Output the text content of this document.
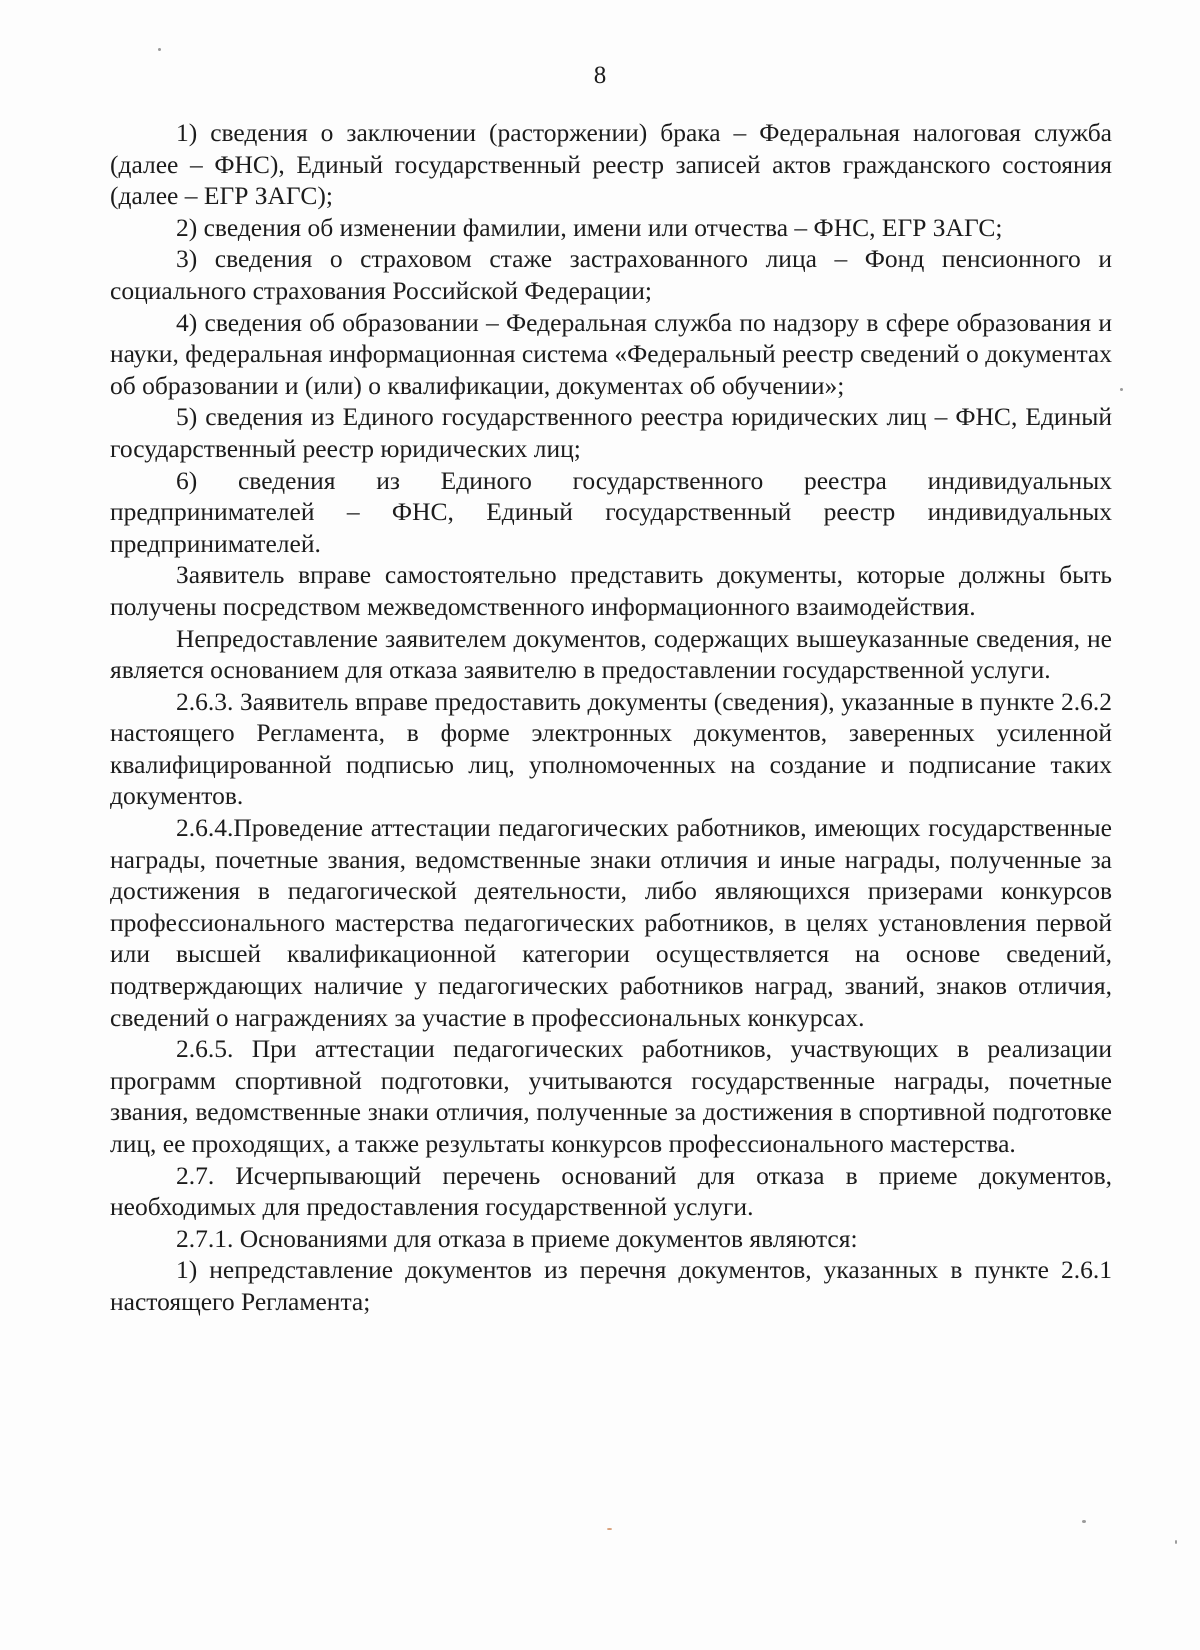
8

1) сведения о заключении (расторжении) брака – Федеральная налоговая служба (далее – ФНС), Единый государственный реестр записей актов гражданского состояния (далее – ЕГР ЗАГС);

2) сведения об изменении фамилии, имени или отчества – ФНС, ЕГР ЗАГС;

3) сведения о страховом стаже застрахованного лица – Фонд пенсионного и социального страхования Российской Федерации;

4) сведения об образовании – Федеральная служба по надзору в сфере образования и науки, федеральная информационная система «Федеральный реестр сведений о документах об образовании и (или) о квалификации, документах об обучении»;

5) сведения из Единого государственного реестра юридических лиц – ФНС, Единый государственный реестр юридических лиц;

6) сведения из Единого государственного реестра индивидуальных предпринимателей – ФНС, Единый государственный реестр индивидуальных предпринимателей.

Заявитель вправе самостоятельно представить документы, которые должны быть получены посредством межведомственного информационного взаимодействия.

Непредоставление заявителем документов, содержащих вышеуказанные сведения, не является основанием для отказа заявителю в предоставлении государственной услуги.

2.6.3. Заявитель вправе предоставить документы (сведения), указанные в пункте 2.6.2 настоящего Регламента, в форме электронных документов, заверенных усиленной квалифицированной подписью лиц, уполномоченных на создание и подписание таких документов.

2.6.4.Проведение аттестации педагогических работников, имеющих государственные награды, почетные звания, ведомственные знаки отличия и иные награды, полученные за достижения в педагогической деятельности, либо являющихся призерами конкурсов профессионального мастерства педагогических работников, в целях установления первой или высшей квалификационной категории осуществляется на основе сведений, подтверждающих наличие у педагогических работников наград, званий, знаков отличия, сведений о награждениях за участие в профессиональных конкурсах.

2.6.5. При аттестации педагогических работников, участвующих в реализации программ спортивной подготовки, учитываются государственные награды, почетные звания, ведомственные знаки отличия, полученные за достижения в спортивной подготовке лиц, ее проходящих, а также результаты конкурсов профессионального мастерства.

2.7. Исчерпывающий перечень оснований для отказа в приеме документов, необходимых для предоставления государственной услуги.

2.7.1. Основаниями для отказа в приеме документов являются:

1) непредставление документов из перечня документов, указанных в пункте 2.6.1 настоящего Регламента;
